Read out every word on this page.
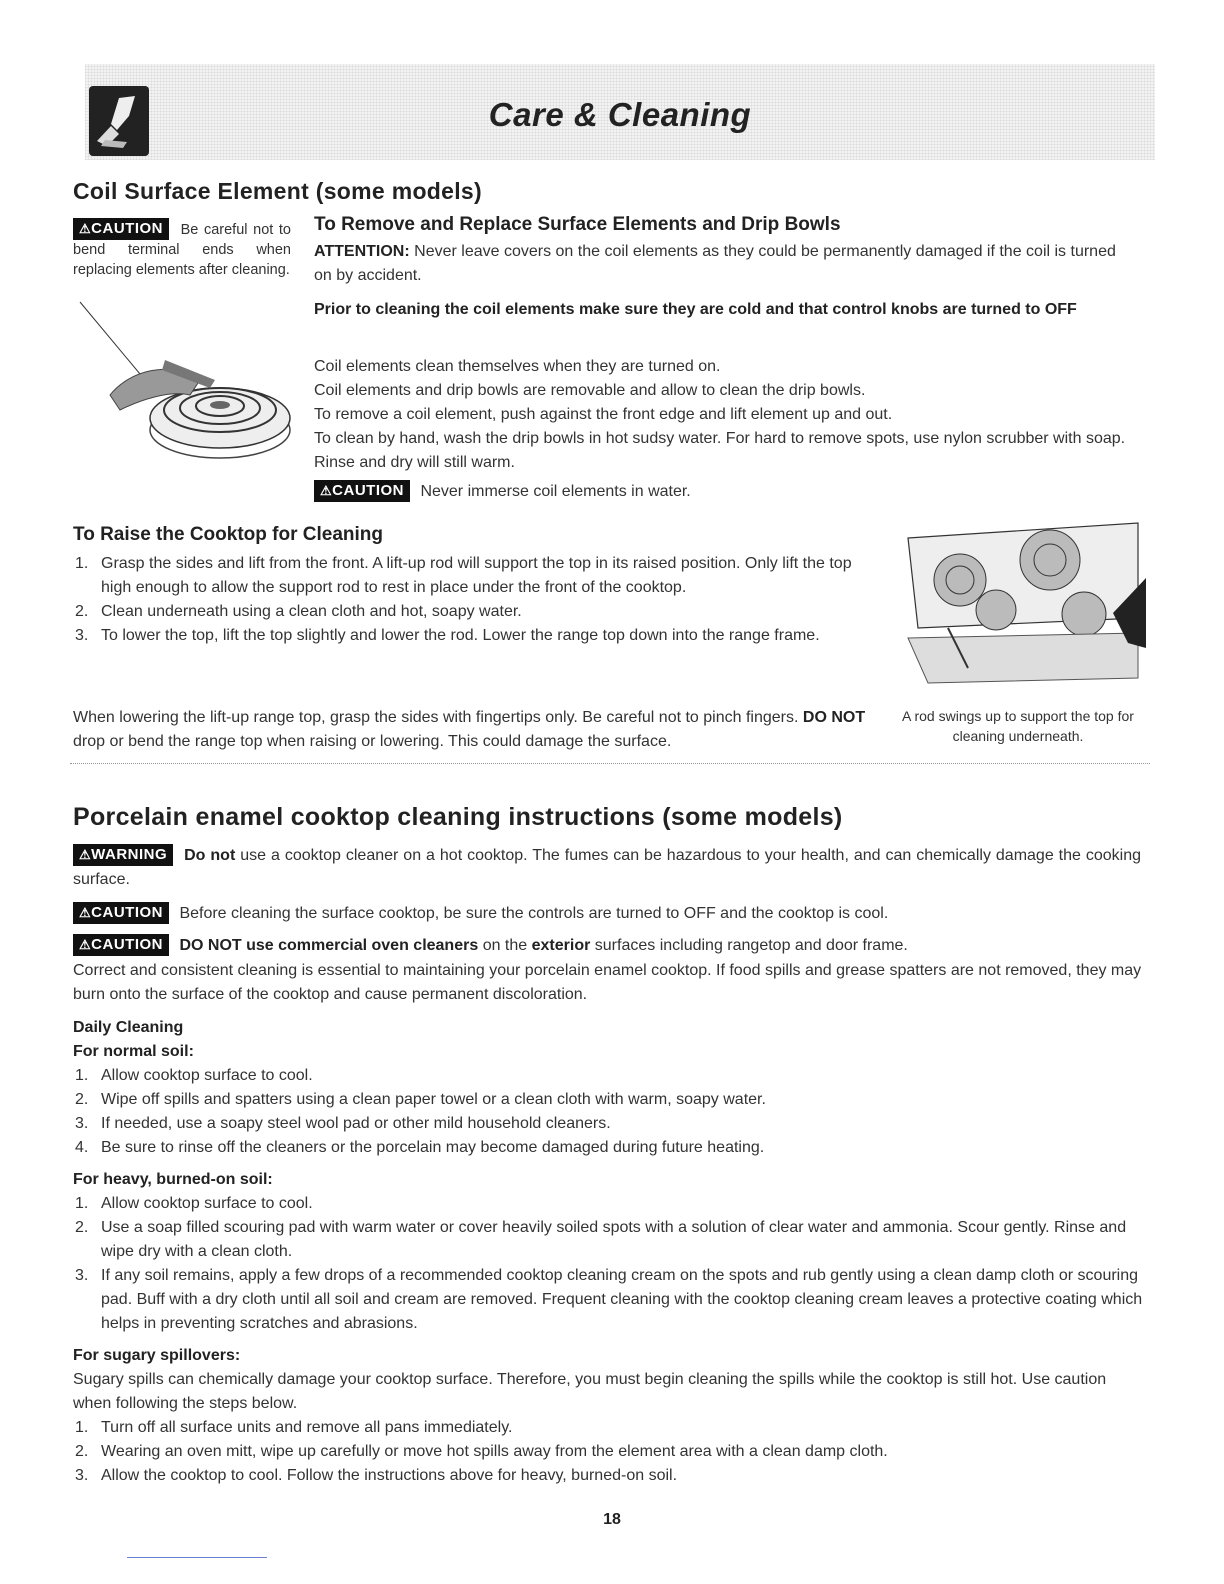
Care & Cleaning
Coil Surface Element (some models)
⚠CAUTION Be careful not to bend terminal ends when replacing elements after cleaning.
To Remove and Replace Surface Elements and Drip Bowls
ATTENTION: Never leave covers on the coil elements as they could be permanently damaged if the coil is turned on by accident.
Prior to cleaning the coil elements make sure they are cold and that control knobs are turned to OFF
Coil elements clean themselves when they are turned on.
Coil elements and drip bowls are removable and allow to clean the drip bowls.
To remove a coil element, push against the front edge and lift element up and out.
To clean by hand, wash the drip bowls in hot sudsy water. For hard to remove spots, use nylon scrubber with soap. Rinse and dry will still warm.
⚠CAUTION Never immerse coil elements in water.
To Raise the Cooktop for Cleaning
1. Grasp the sides and lift from the front. A lift-up rod will support the top in its raised position. Only lift the top high enough to allow the support rod to rest in place under the front of the cooktop.
2. Clean underneath using a clean cloth and hot, soapy water.
3. To lower the top, lift the top slightly and lower the rod. Lower the range top down into the range frame.
When lowering the lift-up range top, grasp the sides with fingertips only. Be careful not to pinch fingers. DO NOT drop or bend the range top when raising or lowering. This could damage the surface.
A rod swings up to support the top for cleaning underneath.
Porcelain enamel cooktop cleaning instructions (some models)
⚠WARNING Do not use a cooktop cleaner on a hot cooktop. The fumes can be hazardous to your health, and can chemically damage the cooking surface.
⚠CAUTION Before cleaning the surface cooktop, be sure the controls are turned to OFF and the cooktop is cool.
⚠CAUTION DO NOT use commercial oven cleaners on the exterior surfaces including rangetop and door frame.
Correct and consistent cleaning is essential to maintaining your porcelain enamel cooktop. If food spills and grease spatters are not removed, they may burn onto the surface of the cooktop and cause permanent discoloration.
Daily Cleaning
For normal soil:
1. Allow cooktop surface to cool.
2. Wipe off spills and spatters using a clean paper towel or a clean cloth with warm, soapy water.
3. If needed, use a soapy steel wool pad or other mild household cleaners.
4. Be sure to rinse off the cleaners or the porcelain may become damaged during future heating.
For heavy, burned-on soil:
1. Allow cooktop surface to cool.
2. Use a soap filled scouring pad with warm water or cover heavily soiled spots with a solution of clear water and ammonia. Scour gently. Rinse and wipe dry with a clean cloth.
3. If any soil remains, apply a few drops of a recommended cooktop cleaning cream on the spots and rub gently using a clean damp cloth or scouring pad. Buff with a dry cloth until all soil and cream are removed. Frequent cleaning with the cooktop cleaning cream leaves a protective coating which helps in preventing scratches and abrasions.
For sugary spillovers:
Sugary spills can chemically damage your cooktop surface. Therefore, you must begin cleaning the spills while the cooktop is still hot. Use caution when following the steps below.
1. Turn off all surface units and remove all pans immediately.
2. Wearing an oven mitt, wipe up carefully or move hot spills away from the element area with a clean damp cloth.
3. Allow the cooktop to cool. Follow the instructions above for heavy, burned-on soil.
18
